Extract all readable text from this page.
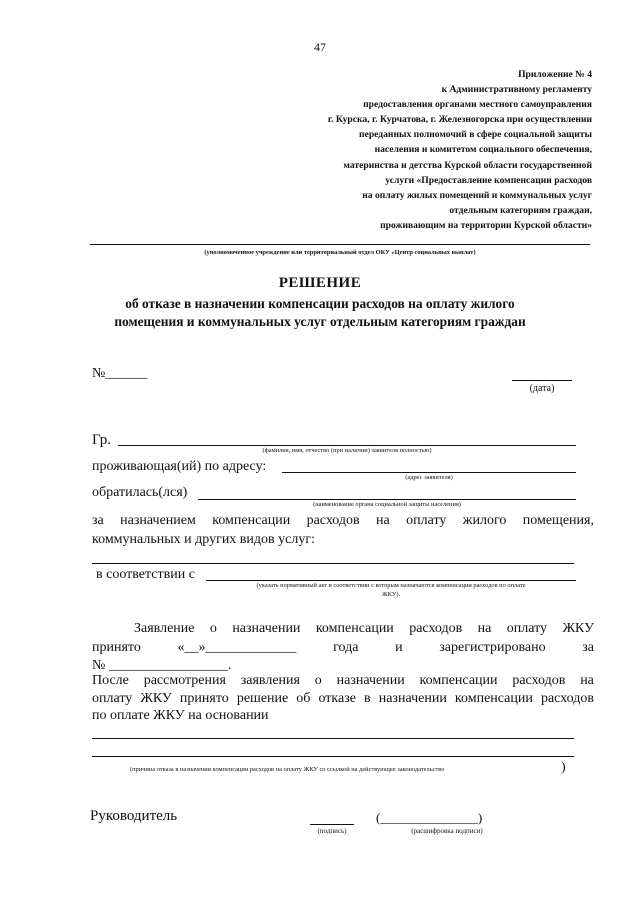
47
Приложение № 4
к Административному регламенту
предоставления органами местного самоуправления
г. Курска, г. Курчатова, г. Железногорска при осуществлении
переданных полномочий в сфере социальной защиты
населения и комитетом социального обеспечения,
материнства и детства Курской области государственной
услуги «Предоставление компенсации расходов
на оплату жилых помещений и коммунальных услуг
отдельным категориям граждан,
проживающим на территории Курской области»
(уполномоченное учреждение или территориальный отдел ОКУ «Центр социальных выплат)
РЕШЕНИЕ
об отказе в назначении компенсации расходов на оплату жилого
помещения и коммунальных услуг отдельным категориям граждан
№______
(дата)
Гр.
(фамилия, имя, отчество (при наличии) заявителя полностью)
проживающая(ий) по адресу:
(адрес заявителя)
обратилась(лся)
(наименование органа социальной защиты населения)
за назначением компенсации расходов на оплату жилого помещения,
коммунальных и других видов услуг:
в соответствии с
(указать нормативный акт в соответствии с которым назначаются компенсации расходов по оплате
ЖКУ).
Заявление о назначении компенсации расходов на оплату ЖКУ
принято	«__»_____________	года	и	зарегистрировано	за
№ _________________.
После рассмотрения заявления о назначении компенсации расходов на
оплату ЖКУ принято решение об отказе в назначении компенсации расходов
по оплате ЖКУ на основании
(причина отказа в назначении компенсации расходов на оплату ЖКУ со ссылкой на действующее законодательство	)
Руководитель
(подпись)
(_______________)
(расшифровка подписи)
